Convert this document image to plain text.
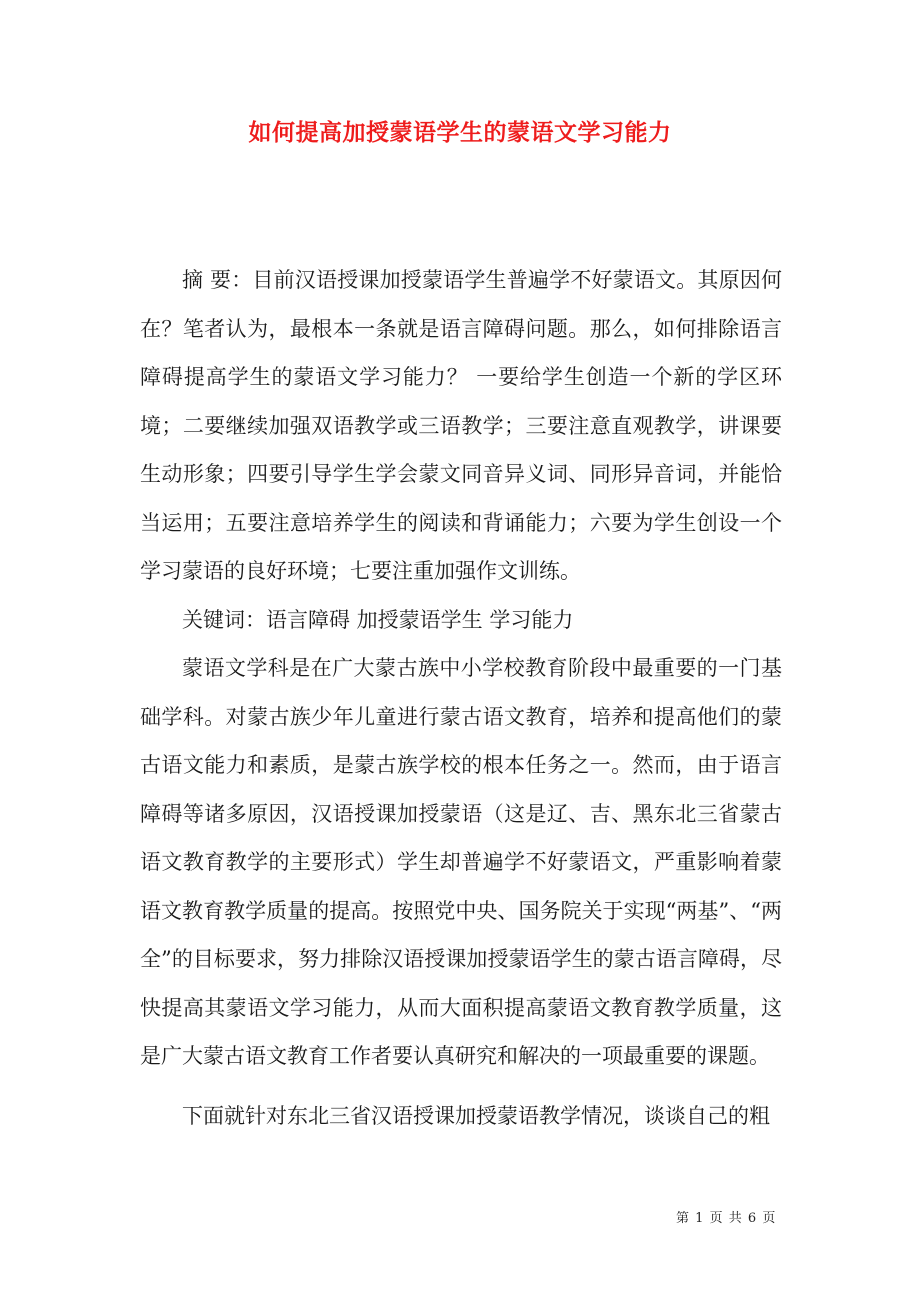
如何提高加授蒙语学生的蒙语文学习能力

摘 要：目前汉语授课加授蒙语学生普遍学不好蒙语文。其原因何在？笔者认为，最根本一条就是语言障碍问题。那么，如何排除语言障碍提高学生的蒙语文学习能力？ 一要给学生创造一个新的学区环境；二要继续加强双语教学或三语教学；三要注意直观教学，讲课要生动形象；四要引导学生学会蒙文同音异义词、同形异音词，并能恰当运用；五要注意培养学生的阅读和背诵能力；六要为学生创设一个学习蒙语的良好环境；七要注重加强作文训练。

关键词：语言障碍 加授蒙语学生 学习能力

蒙语文学科是在广大蒙古族中小学校教育阶段中最重要的一门基础学科。对蒙古族少年儿童进行蒙古语文教育，培养和提高他们的蒙古语文能力和素质，是蒙古族学校的根本任务之一。然而，由于语言障碍等诸多原因，汉语授课加授蒙语（这是辽、吉、黑东北三省蒙古语文教育教学的主要形式）学生却普遍学不好蒙语文，严重影响着蒙语文教育教学质量的提高。按照党中央、国务院关于实现“两基”、“两全”的目标要求，努力排除汉语授课加授蒙语学生的蒙古语言障碍，尽快提高其蒙语文学习能力，从而大面积提高蒙语文教育教学质量，这是广大蒙古语文教育工作者要认真研究和解决的一项最重要的课题。

下面就针对东北三省汉语授课加授蒙语教学情况，谈谈自己的粗

第 1 页 共 6 页
